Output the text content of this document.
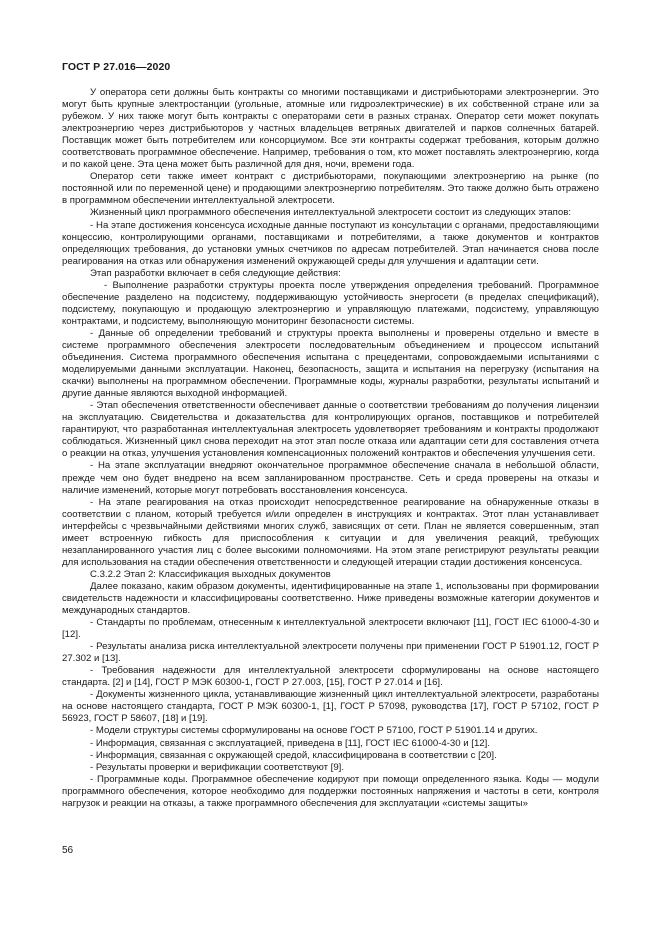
ГОСТ Р 27.016—2020

У оператора сети должны быть контракты со многими поставщиками и дистрибьюторами электроэнергии. Это могут быть крупные электростанции (угольные, атомные или гидроэлектрические) в их собственной стране или за рубежом. У них также могут быть контракты с операторами сети в разных странах. Оператор сети может покупать электроэнергию через дистрибьюторов у частных владельцев ветряных двигателей и парков солнечных батарей. Поставщик может быть потребителем или консорциумом. Все эти контракты содержат требования, которым должно соответствовать программное обеспечение. Например, требования о том, кто может поставлять электроэнергию, когда и по какой цене. Эта цена может быть различной для дня, ночи, времени года.

Оператор сети также имеет контракт с дистрибьюторами, покупающими электроэнергию на рынке (по постоянной или по переменной цене) и продающими электроэнергию потребителям. Это также должно быть отражено в программном обеспечении интеллектуальной электросети.

Жизненный цикл программного обеспечения интеллектуальной электросети состоит из следующих этапов:

- На этапе достижения консенсуса исходные данные поступают из консультации с органами, предоставляющими концессию, контролирующими органами, поставщиками и потребителями, а также документов и контрактов определяющих требования, до установки умных счетчиков по адресам потребителей. Этап начинается снова после реагирования на отказ или обнаружения изменений окружающей среды для улучшения и адаптации сети.

Этап разработки включает в себя следующие действия:

- Выполнение разработки структуры проекта после утверждения определения требований. Программное обеспечение разделено на подсистему, поддерживающую устойчивость энергосети (в пределах спецификаций), подсистему, покупающую и продающую электроэнергию и управляющую платежами, подсистему, управляющую контрактами, и подсистему, выполняющую мониторинг безопасности системы.

- Данные об определении требований и структуры проекта выполнены и проверены отдельно и вместе в системе программного обеспечения электросети последовательным объединением и процессом испытаний объединения. Система программного обеспечения испытана с прецедентами, сопровождаемыми испытаниями с моделируемыми данными эксплуатации. Наконец, безопасность, защита и испытания на перегрузку (испытания на скачки) выполнены на программном обеспечении. Программные коды, журналы разработки, результаты испытаний и другие данные являются выходной информацией.

- Этап обеспечения ответственности обеспечивает данные о соответствии требованиям до получения лицензии на эксплуатацию. Свидетельства и доказательства для контролирующих органов, поставщиков и потребителей гарантируют, что разработанная интеллектуальная электросеть удовлетворяет требованиям и контракты продолжают соблюдаться. Жизненный цикл снова переходит на этот этап после отказа или адаптации сети для составления отчета о реакции на отказ, улучшения установления компенсационных положений контрактов и обеспечения улучшения сети.

- На этапе эксплуатации внедряют окончательное программное обеспечение сначала в небольшой области, прежде чем оно будет внедрено на всем запланированном пространстве. Сеть и среда проверены на отказы и наличие изменений, которые могут потребовать восстановления консенсуса.

- На этапе реагирования на отказ происходит непосредственное реагирование на обнаруженные отказы в соответствии с планом, который требуется и/или определен в инструкциях и контрактах. Этот план устанавливает интерфейсы с чрезвычайными действиями многих служб, зависящих от сети. План не является совершенным, этап имеет встроенную гибкость для приспособления к ситуации и для увеличения реакций, требующих незапланированного участия лиц с более высокими полномочиями. На этом этапе регистрируют результаты реакции для использования на стадии обеспечения ответственности и следующей итерации стадии достижения консенсуса.

С.3.2.2 Этап 2: Классификация выходных документов

Далее показано, каким образом документы, идентифицированные на этапе 1, использованы при формировании свидетельств надежности и классифицированы соответственно. Ниже приведены возможные категории документов и международных стандартов.

- Стандарты по проблемам, отнесенным к интеллектуальной электросети включают [11], ГОСТ IEC 61000-4-30 и [12].

- Результаты анализа риска интеллектуальной электросети получены при применении ГОСТ Р 51901.12, ГОСТ Р 27.302 и [13].

- Требования надежности для интеллектуальной электросети сформулированы на основе настоящего стандарта. [2] и [14], ГОСТ Р МЭК 60300-1, ГОСТ Р 27.003, [15], ГОСТ Р 27.014 и [16].

- Документы жизненного цикла, устанавливающие жизненный цикл интеллектуальной электросети, разработаны на основе настоящего стандарта, ГОСТ Р МЭК 60300-1, [1], ГОСТ Р 57098, руководства [17], ГОСТ Р 57102, ГОСТ Р 56923, ГОСТ Р 58607, [18] и [19].

- Модели структуры системы сформулированы на основе ГОСТ Р 57100, ГОСТ Р 51901.14 и других.

- Информация, связанная с эксплуатацией, приведена в [11], ГОСТ IEC 61000-4-30 и [12].

- Информация, связанная с окружающей средой, классифицирована в соответствии с [20].

- Результаты проверки и верификации соответствуют [9].

- Программные коды. Программное обеспечение кодируют при помощи определенного языка. Коды — модули программного обеспечения, которое необходимо для поддержки постоянных напряжения и частоты в сети, контроля нагрузок и реакции на отказы, а также программного обеспечения для эксплуатации «системы защиты»

56
